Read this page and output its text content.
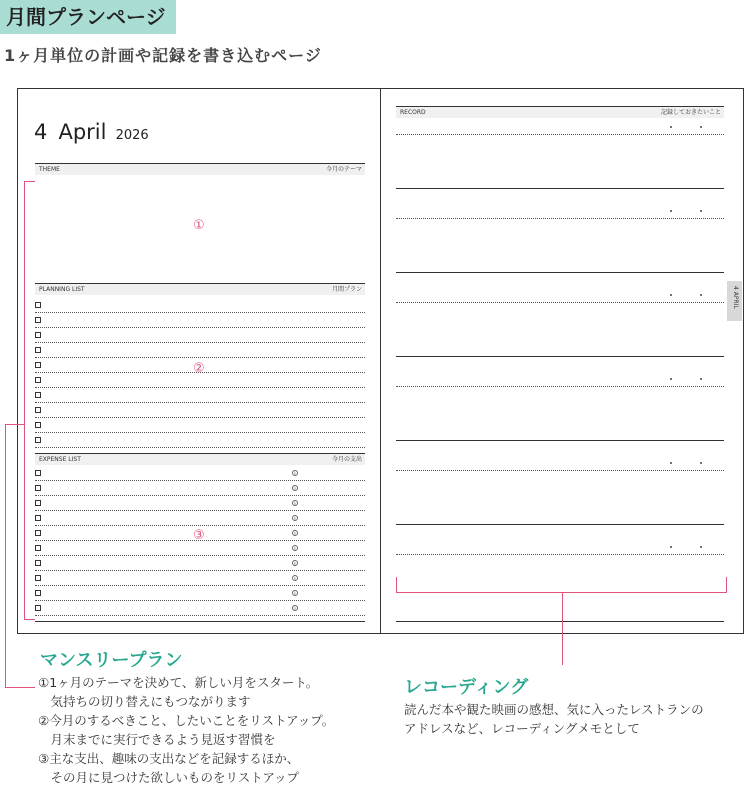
月間プランページ
1ヶ月単位の計画や記録を書き込むページ
4 April 2026
THEME	今月のテーマ
①
PLANNING LIST	月間プラン
②
EXPENSE LIST	今月の支出
￥
￥
￥
￥
￥
￥
￥
￥
￥
￥
③
RECORD	記録しておきたいこと
4 APRIL
マンスリープラン
①1ヶ月のテーマを決めて、新しい月をスタート。
　気持ちの切り替えにもつながります
②今月のするべきこと、したいことをリストアップ。
　月末までに実行できるよう見返す習慣を
③主な支出、趣味の支出などを記録するほか、
　その月に見つけた欲しいものをリストアップ
レコーディング
読んだ本や観た映画の感想、気に入ったレストランの
アドレスなど、レコーディングメモとして
